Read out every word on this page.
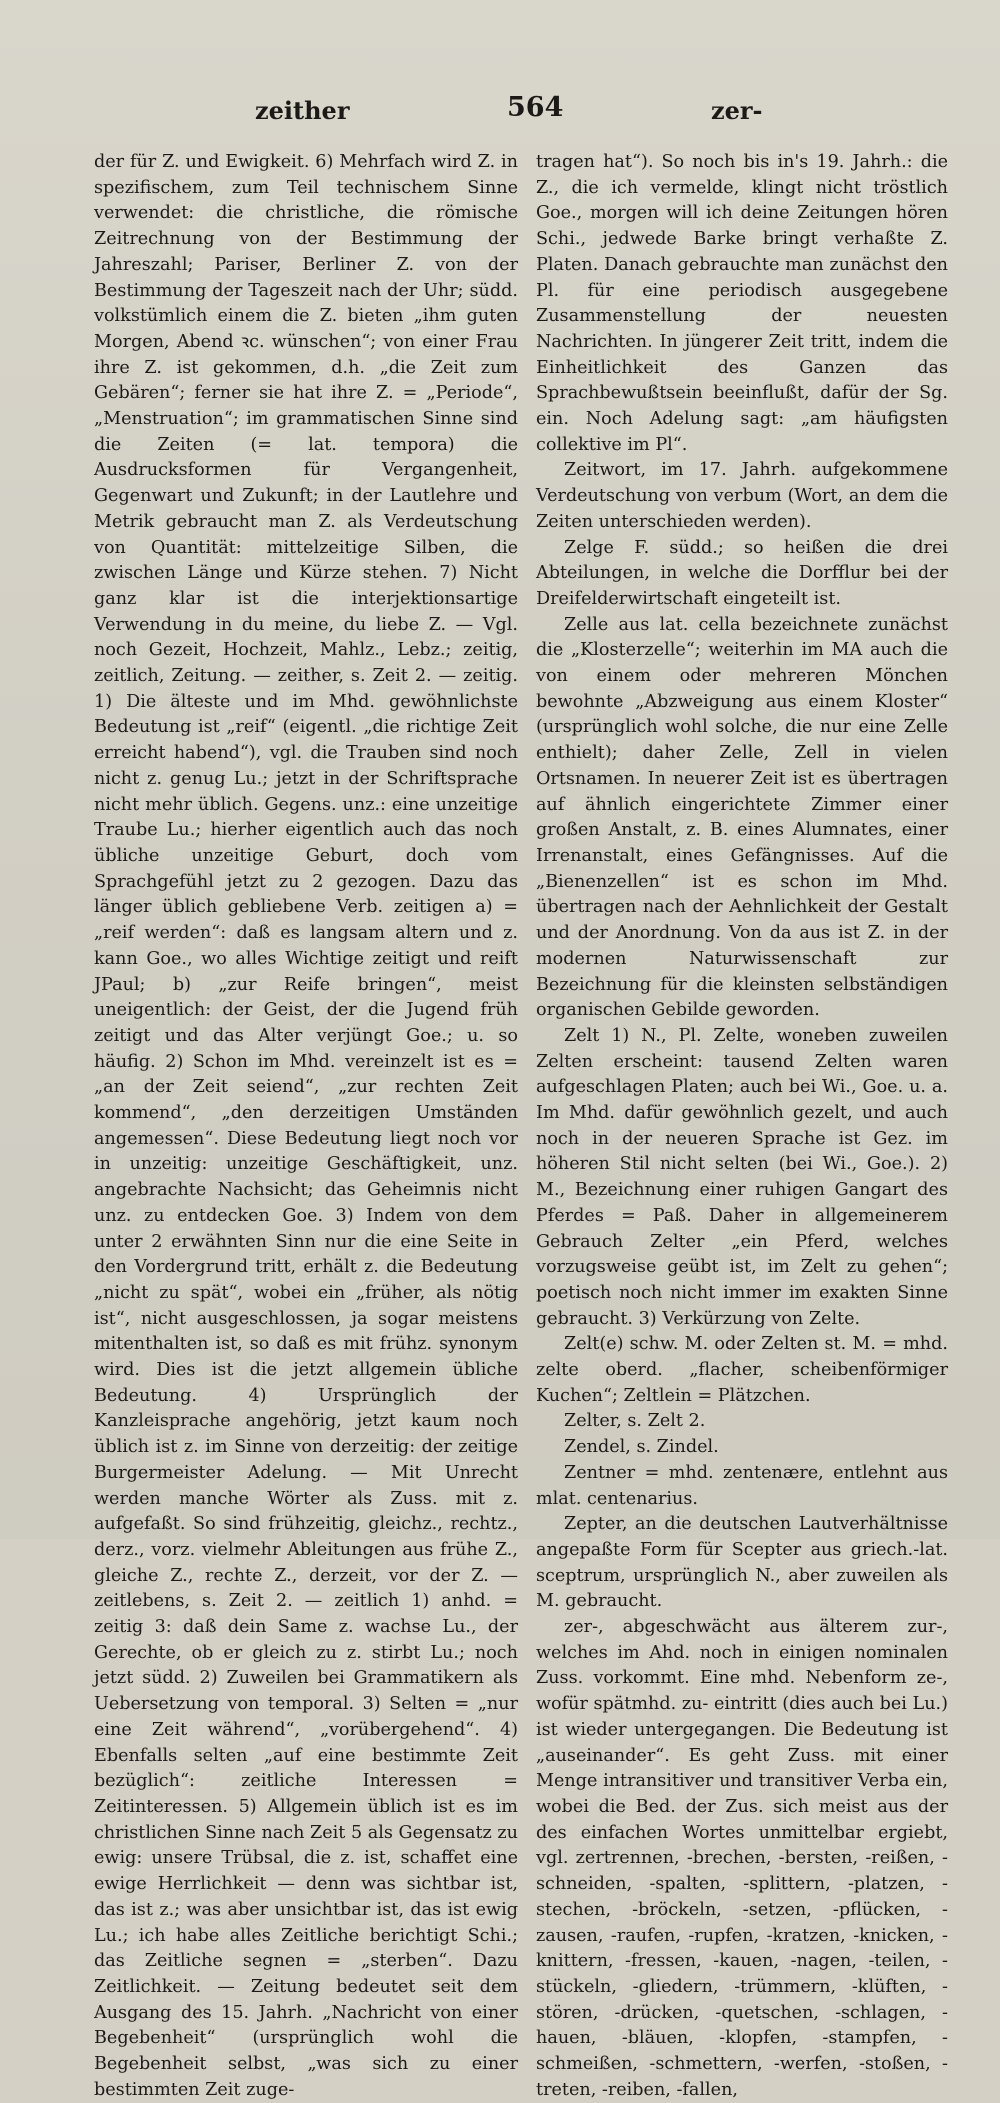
zeither	564	zer-

der für Z. und Ewigkeit. 6) Mehrfach wird Z. in spezifischem, zum Teil technischem Sinne verwendet: die christliche, die römische Zeitrechnung von der Bestimmung der Jahreszahl; Pariser, Berliner Z. von der Bestimmung der Tageszeit nach der Uhr; südd. volkstümlich einem die Z. bieten „ihm guten Morgen, Abend ꝛc. wünschen“; von einer Frau ihre Z. ist gekommen, d.h. „die Zeit zum Gebären“; ferner sie hat ihre Z. = „Periode“, „Menstruation“; im grammatischen Sinne sind die Zeiten (= lat. tempora) die Ausdrucksformen für Vergangenheit, Gegenwart und Zukunft; in der Lautlehre und Metrik gebraucht man Z. als Verdeutschung von Quantität: mittelzeitige Silben, die zwischen Länge und Kürze stehen. 7) Nicht ganz klar ist die interjektionsartige Verwendung in du meine, du liebe Z. — Vgl. noch Gezeit, Hochzeit, Mahlz., Lebz.; zeitig, zeitlich, Zeitung. — zeither, s. Zeit 2. — zeitig. 1) Die älteste und im Mhd. gewöhnlichste Bedeutung ist „reif“ (eigentl. „die richtige Zeit erreicht habend“), vgl. die Trauben sind noch nicht z. genug Lu.; jetzt in der Schriftsprache nicht mehr üblich. Gegens. unz.: eine unzeitige Traube Lu.; hierher eigentlich auch das noch übliche unzeitige Geburt, doch vom Sprachgefühl jetzt zu 2 gezogen. Dazu das länger üblich gebliebene Verb. zeitigen a) = „reif werden“: daß es langsam altern und z. kann Goe., wo alles Wichtige zeitigt und reift JPaul; b) „zur Reife bringen“, meist uneigentlich: der Geist, der die Jugend früh zeitigt und das Alter verjüngt Goe.; u. so häufig. 2) Schon im Mhd. vereinzelt ist es = „an der Zeit seiend“, „zur rechten Zeit kommend“, „den derzeitigen Umständen angemessen“. Diese Bedeutung liegt noch vor in unzeitig: unzeitige Geschäftigkeit, unz. angebrachte Nachsicht; das Geheimnis nicht unz. zu entdecken Goe. 3) Indem von dem unter 2 erwähnten Sinn nur die eine Seite in den Vordergrund tritt, erhält z. die Bedeutung „nicht zu spät“, wobei ein „früher, als nötig ist“, nicht ausgeschlossen, ja sogar meistens mitenthalten ist, so daß es mit frühz. synonym wird. Dies ist die jetzt allgemein übliche Bedeutung. 4) Ursprünglich der Kanzleisprache angehörig, jetzt kaum noch üblich ist z. im Sinne von derzeitig: der zeitige Burgermeister Adelung. — Mit Unrecht werden manche Wörter als Zuss. mit z. aufgefaßt. So sind frühzeitig, gleichz., rechtz., derz., vorz. vielmehr Ableitungen aus frühe Z., gleiche Z., rechte Z., derzeit, vor der Z. — zeitlebens, s. Zeit 2. — zeitlich 1) anhd. = zeitig 3: daß dein Same z. wachse Lu., der Gerechte, ob er gleich zu z. stirbt Lu.; noch jetzt südd. 2) Zuweilen bei Grammatikern als Uebersetzung von temporal. 3) Selten = „nur eine Zeit während“, „vorübergehend“. 4) Ebenfalls selten „auf eine bestimmte Zeit bezüglich“: zeitliche Interessen = Zeitinteressen. 5) Allgemein üblich ist es im christlichen Sinne nach Zeit 5 als Gegensatz zu ewig: unsere Trübsal, die z. ist, schaffet eine ewige Herrlichkeit — denn was sichtbar ist, das ist z.; was aber unsichtbar ist, das ist ewig Lu.; ich habe alles Zeitliche berichtigt Schi.; das Zeitliche segnen = „sterben“. Dazu Zeitlichkeit. — Zeitung bedeutet seit dem Ausgang des 15. Jahrh. „Nachricht von einer Begebenheit“ (ursprünglich wohl die Begebenheit selbst, „was sich zu einer bestimmten Zeit zuge-

tragen hat“). So noch bis in's 19. Jahrh.: die Z., die ich vermelde, klingt nicht tröstlich Goe., morgen will ich deine Zeitungen hören Schi., jedwede Barke bringt verhaßte Z. Platen. Danach gebrauchte man zunächst den Pl. für eine periodisch ausgegebene Zusammenstellung der neuesten Nachrichten. In jüngerer Zeit tritt, indem die Einheitlichkeit des Ganzen das Sprachbewußtsein beeinflußt, dafür der Sg. ein. Noch Adelung sagt: „am häufigsten collektive im Pl“.

Zeitwort, im 17. Jahrh. aufgekommene Verdeutschung von verbum (Wort, an dem die Zeiten unterschieden werden).

Zelge F. südd.; so heißen die drei Abteilungen, in welche die Dorfflur bei der Dreifelderwirtschaft eingeteilt ist.

Zelle aus lat. cella bezeichnete zunächst die „Klosterzelle“; weiterhin im MA auch die von einem oder mehreren Mönchen bewohnte „Abzweigung aus einem Kloster“ (ursprünglich wohl solche, die nur eine Zelle enthielt); daher Zelle, Zell in vielen Ortsnamen. In neuerer Zeit ist es übertragen auf ähnlich eingerichtete Zimmer einer großen Anstalt, z. B. eines Alumnates, einer Irrenanstalt, eines Gefängnisses. Auf die „Bienenzellen“ ist es schon im Mhd. übertragen nach der Aehnlichkeit der Gestalt und der Anordnung. Von da aus ist Z. in der modernen Naturwissenschaft zur Bezeichnung für die kleinsten selbständigen organischen Gebilde geworden.

Zelt 1) N., Pl. Zelte, woneben zuweilen Zelten erscheint: tausend Zelten waren aufgeschlagen Platen; auch bei Wi., Goe. u. a. Im Mhd. dafür gewöhnlich gezelt, und auch noch in der neueren Sprache ist Gez. im höheren Stil nicht selten (bei Wi., Goe.). 2) M., Bezeichnung einer ruhigen Gangart des Pferdes = Paß. Daher in allgemeinerem Gebrauch Zelter „ein Pferd, welches vorzugsweise geübt ist, im Zelt zu gehen“; poetisch noch nicht immer im exakten Sinne gebraucht. 3) Verkürzung von Zelte.

Zelt(e) schw. M. oder Zelten st. M. = mhd. zelte oberd. „flacher, scheibenförmiger Kuchen“; Zeltlein = Plätzchen.

Zelter, s. Zelt 2.

Zendel, s. Zindel.

Zentner = mhd. zentenære, entlehnt aus mlat. centenarius.

Zepter, an die deutschen Lautverhältnisse angepaßte Form für Scepter aus griech.-lat. sceptrum, ursprünglich N., aber zuweilen als M. gebraucht.

zer-, abgeschwächt aus älterem zur-, welches im Ahd. noch in einigen nominalen Zuss. vorkommt. Eine mhd. Nebenform ze-, wofür spätmhd. zu- eintritt (dies auch bei Lu.) ist wieder untergegangen. Die Bedeutung ist „auseinander“. Es geht Zuss. mit einer Menge intransitiver und transitiver Verba ein, wobei die Bed. der Zus. sich meist aus der des einfachen Wortes unmittelbar ergiebt, vgl. zertrennen, -brechen, -bersten, -reißen, -schneiden, -spalten, -splittern, -platzen, -stechen, -bröckeln, -setzen, -pflücken, -zausen, -raufen, -rupfen, -kratzen, -knicken, -knittern, -fressen, -kauen, -nagen, -teilen, -stückeln, -gliedern, -trümmern, -klüften, -stören, -drücken, -quetschen, -schlagen, -hauen, -bläuen, -klopfen, -stampfen, -schmeißen, -schmettern, -werfen, -stoßen, -treten, -reiben, -fallen,
